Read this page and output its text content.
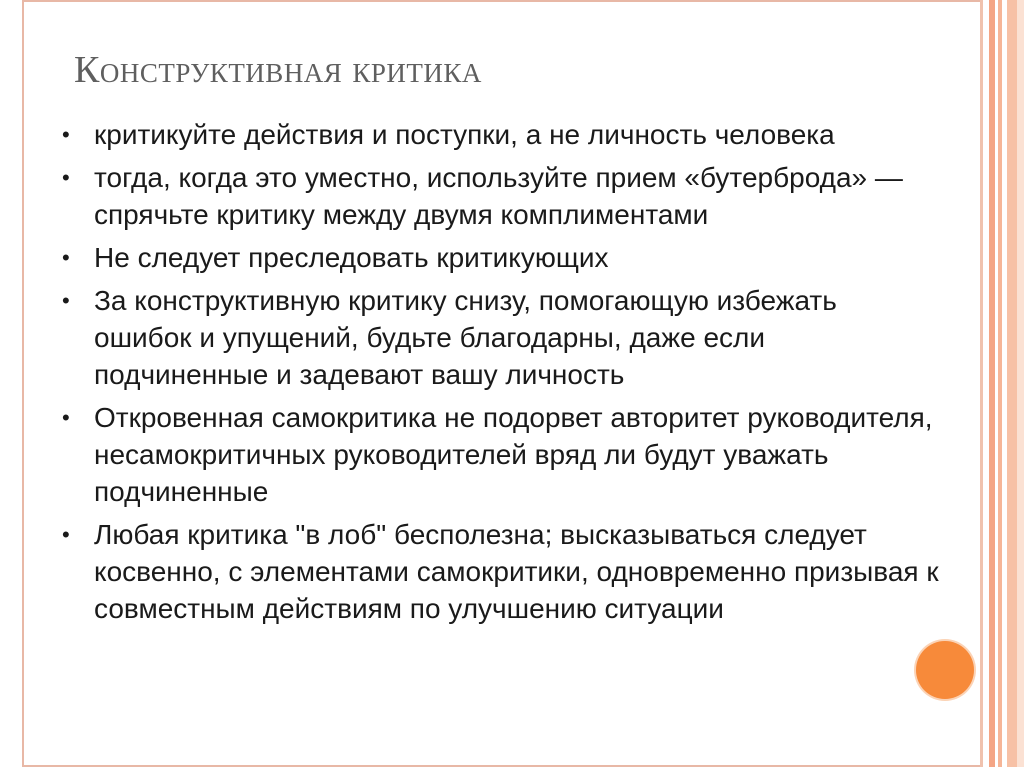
Конструктивная критика
• критикуйте действия и поступки, а не личность человека
• тогда, когда это уместно, используйте прием «бутерброда» — спрячьте критику между двумя комплиментами
• Не следует преследовать критикующих
• За конструктивную критику снизу, помогающую избежать ошибок и упущений, будьте благодарны, даже если подчиненные и задевают вашу личность
• Откровенная самокритика не подорвет авторитет руководителя, несамокритичных руководителей вряд ли будут уважать подчиненные
• Любая критика "в лоб" бесполезна; высказываться следует косвенно, с элементами самокритики, одновременно призывая к совместным действиям по улучшению ситуации
